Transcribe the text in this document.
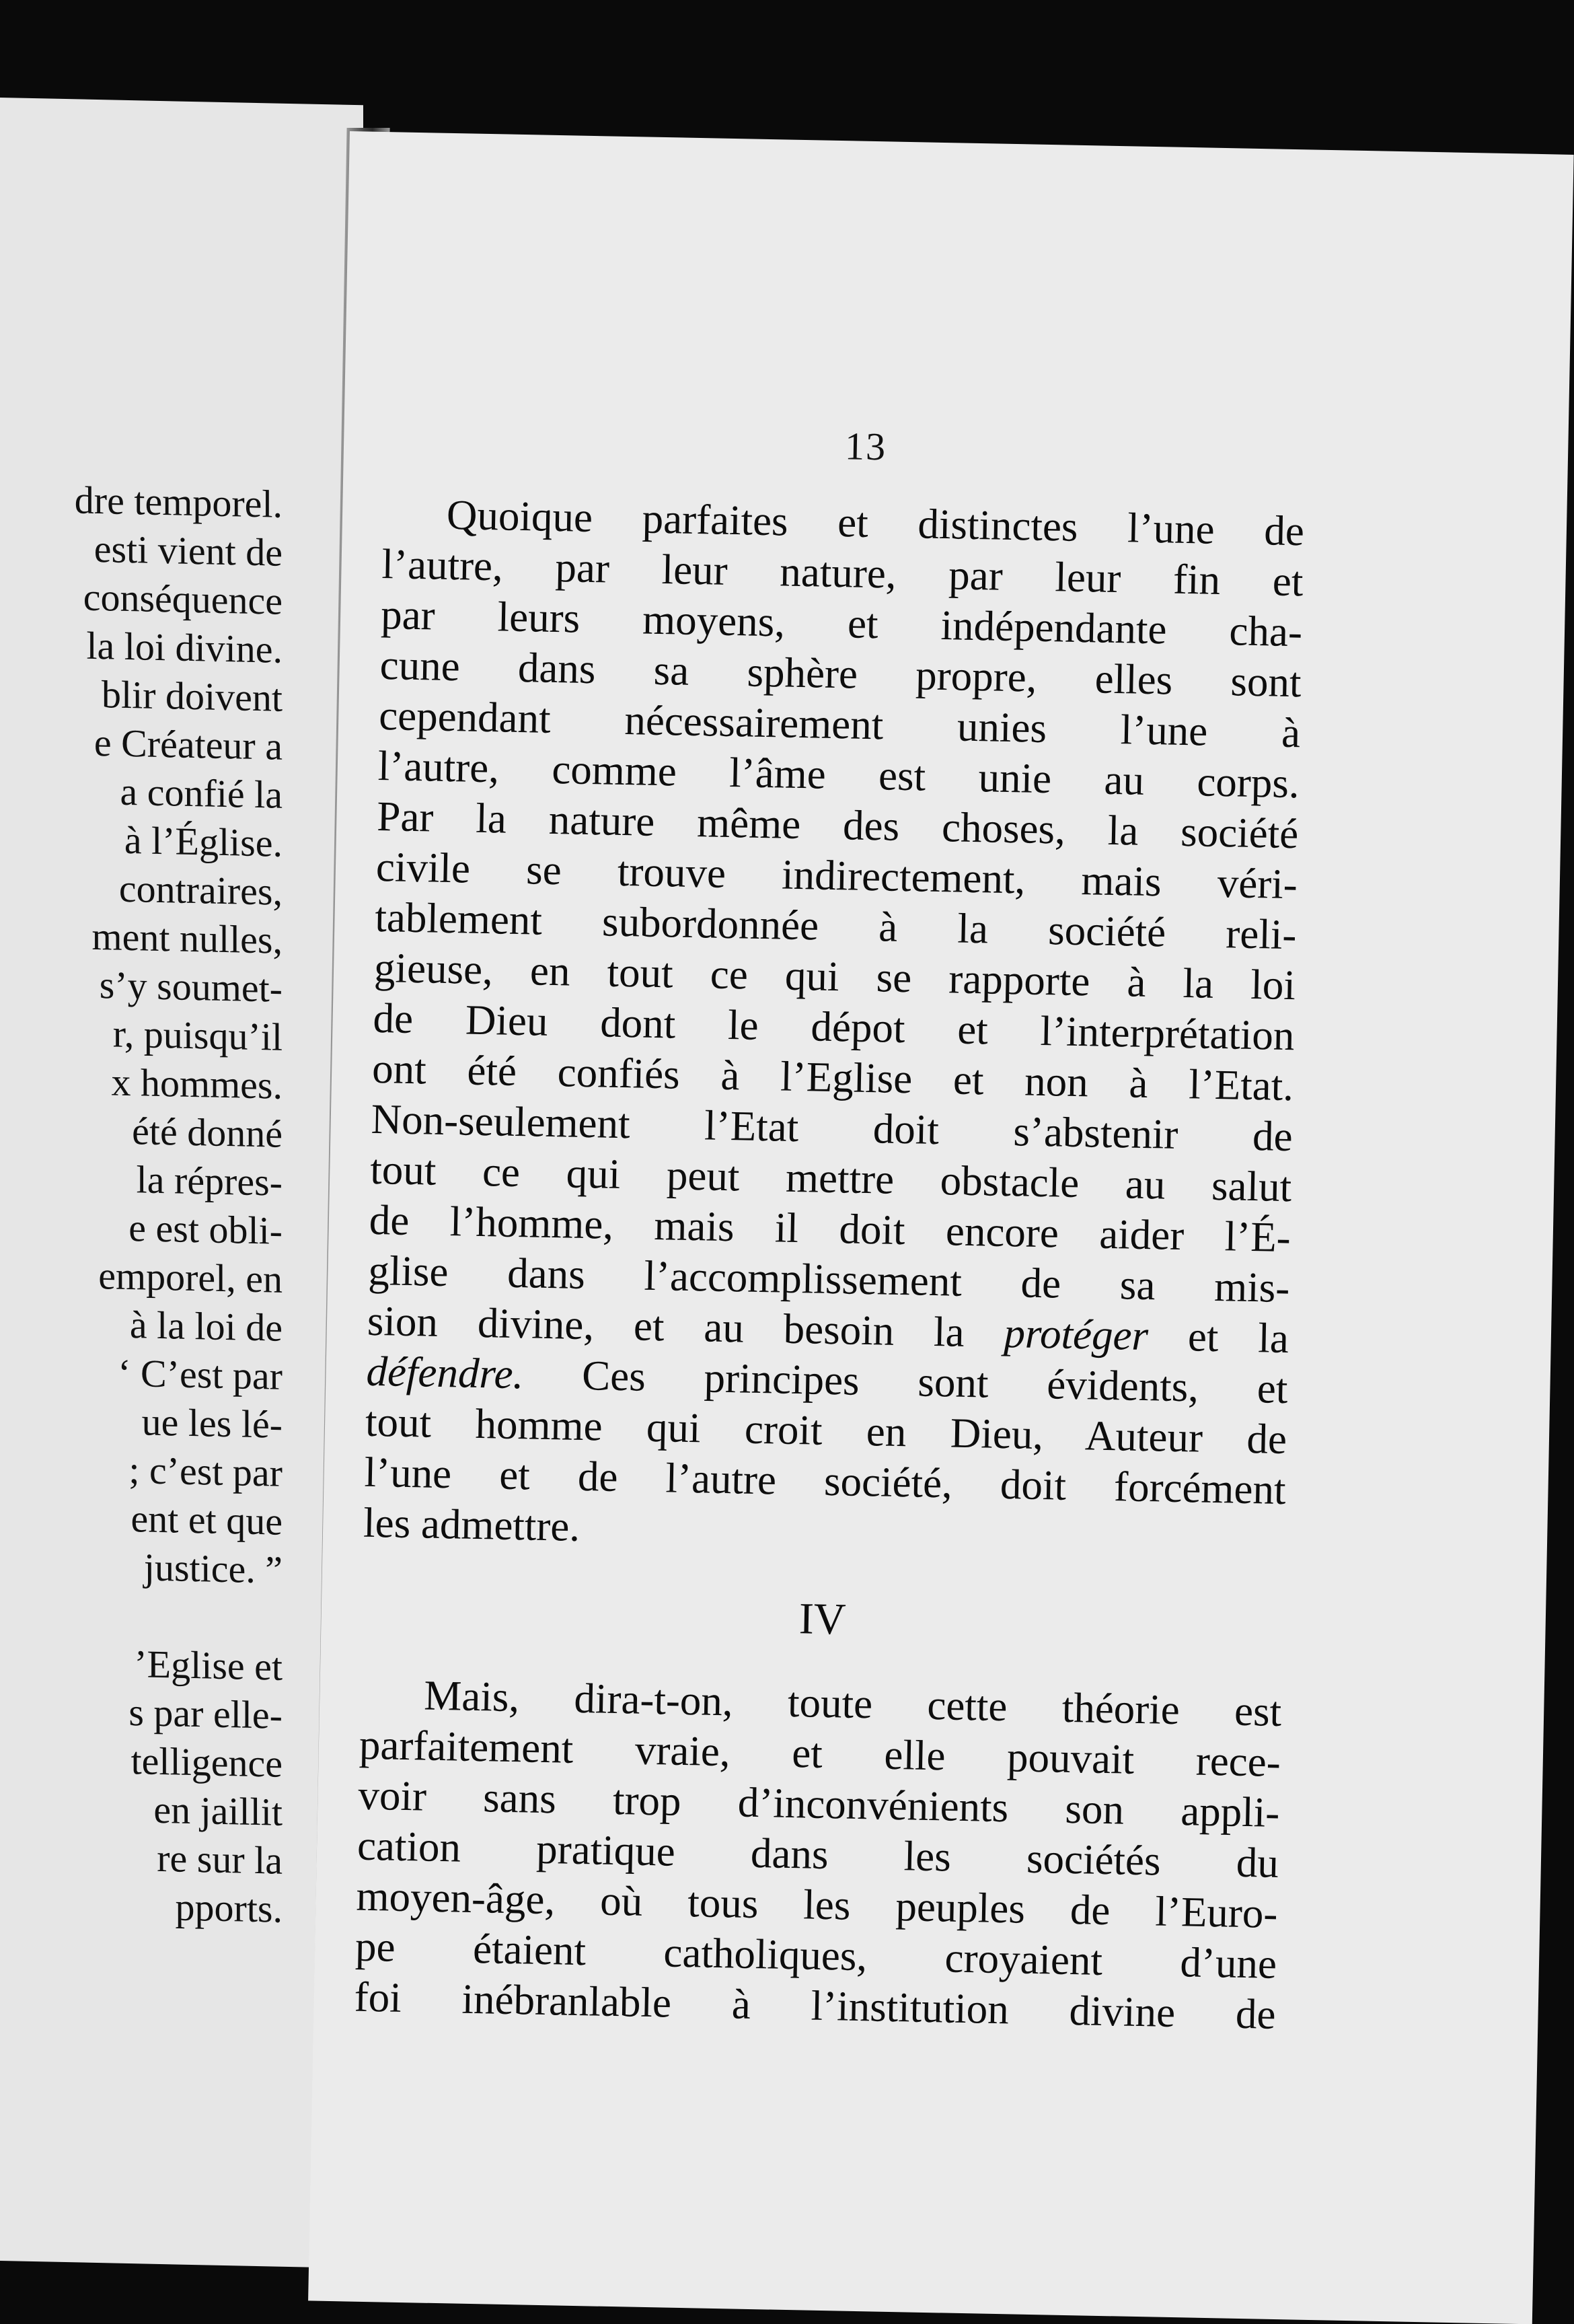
dre temporel.
esti vient de
conséquence
la loi divine.
blir doivent
e Créateur a
a confié la
à l’Église.
contraires,
ment nulles,
s’y soumet-
r, puisqu’il
x hommes.
été donné
la répres-
e est obli-
emporel, en
à la loi de
‘ C’est par
ue les lé-
; c’est par
ent et que
justice. ”
’Eglise et
s par elle-
telligence
en jaillit
re sur la
pports.
13
Quoique parfaites et distinctes l’une de
l’autre, par leur nature, par leur fin et
par leurs moyens, et indépendante cha-
cune dans sa sphère propre, elles sont
cependant nécessairement unies l’une à
l’autre, comme l’âme est unie au corps.
Par la nature même des choses, la société
civile se trouve indirectement, mais véri-
tablement subordonnée à la société reli-
gieuse, en tout ce qui se rapporte à la loi
de Dieu dont le dépot et l’interprétation
ont été confiés à l’Eglise et non à l’Etat.
Non-seulement l’Etat doit s’abstenir de
tout ce qui peut mettre obstacle au salut
de l’homme, mais il doit encore aider l’É-
glise dans l’accomplissement de sa mis-
sion divine, et au besoin la protéger et la
défendre. Ces principes sont évidents, et
tout homme qui croit en Dieu, Auteur de
l’une et de l’autre société, doit forcément
les admettre.
IV
Mais, dira-t-on, toute cette théorie est
parfaitement vraie, et elle pouvait rece-
voir sans trop d’inconvénients son appli-
cation pratique dans les sociétés du
moyen-âge, où tous les peuples de l’Euro-
pe étaient catholiques, croyaient d’une
foi inébranlable à l’institution divine de
